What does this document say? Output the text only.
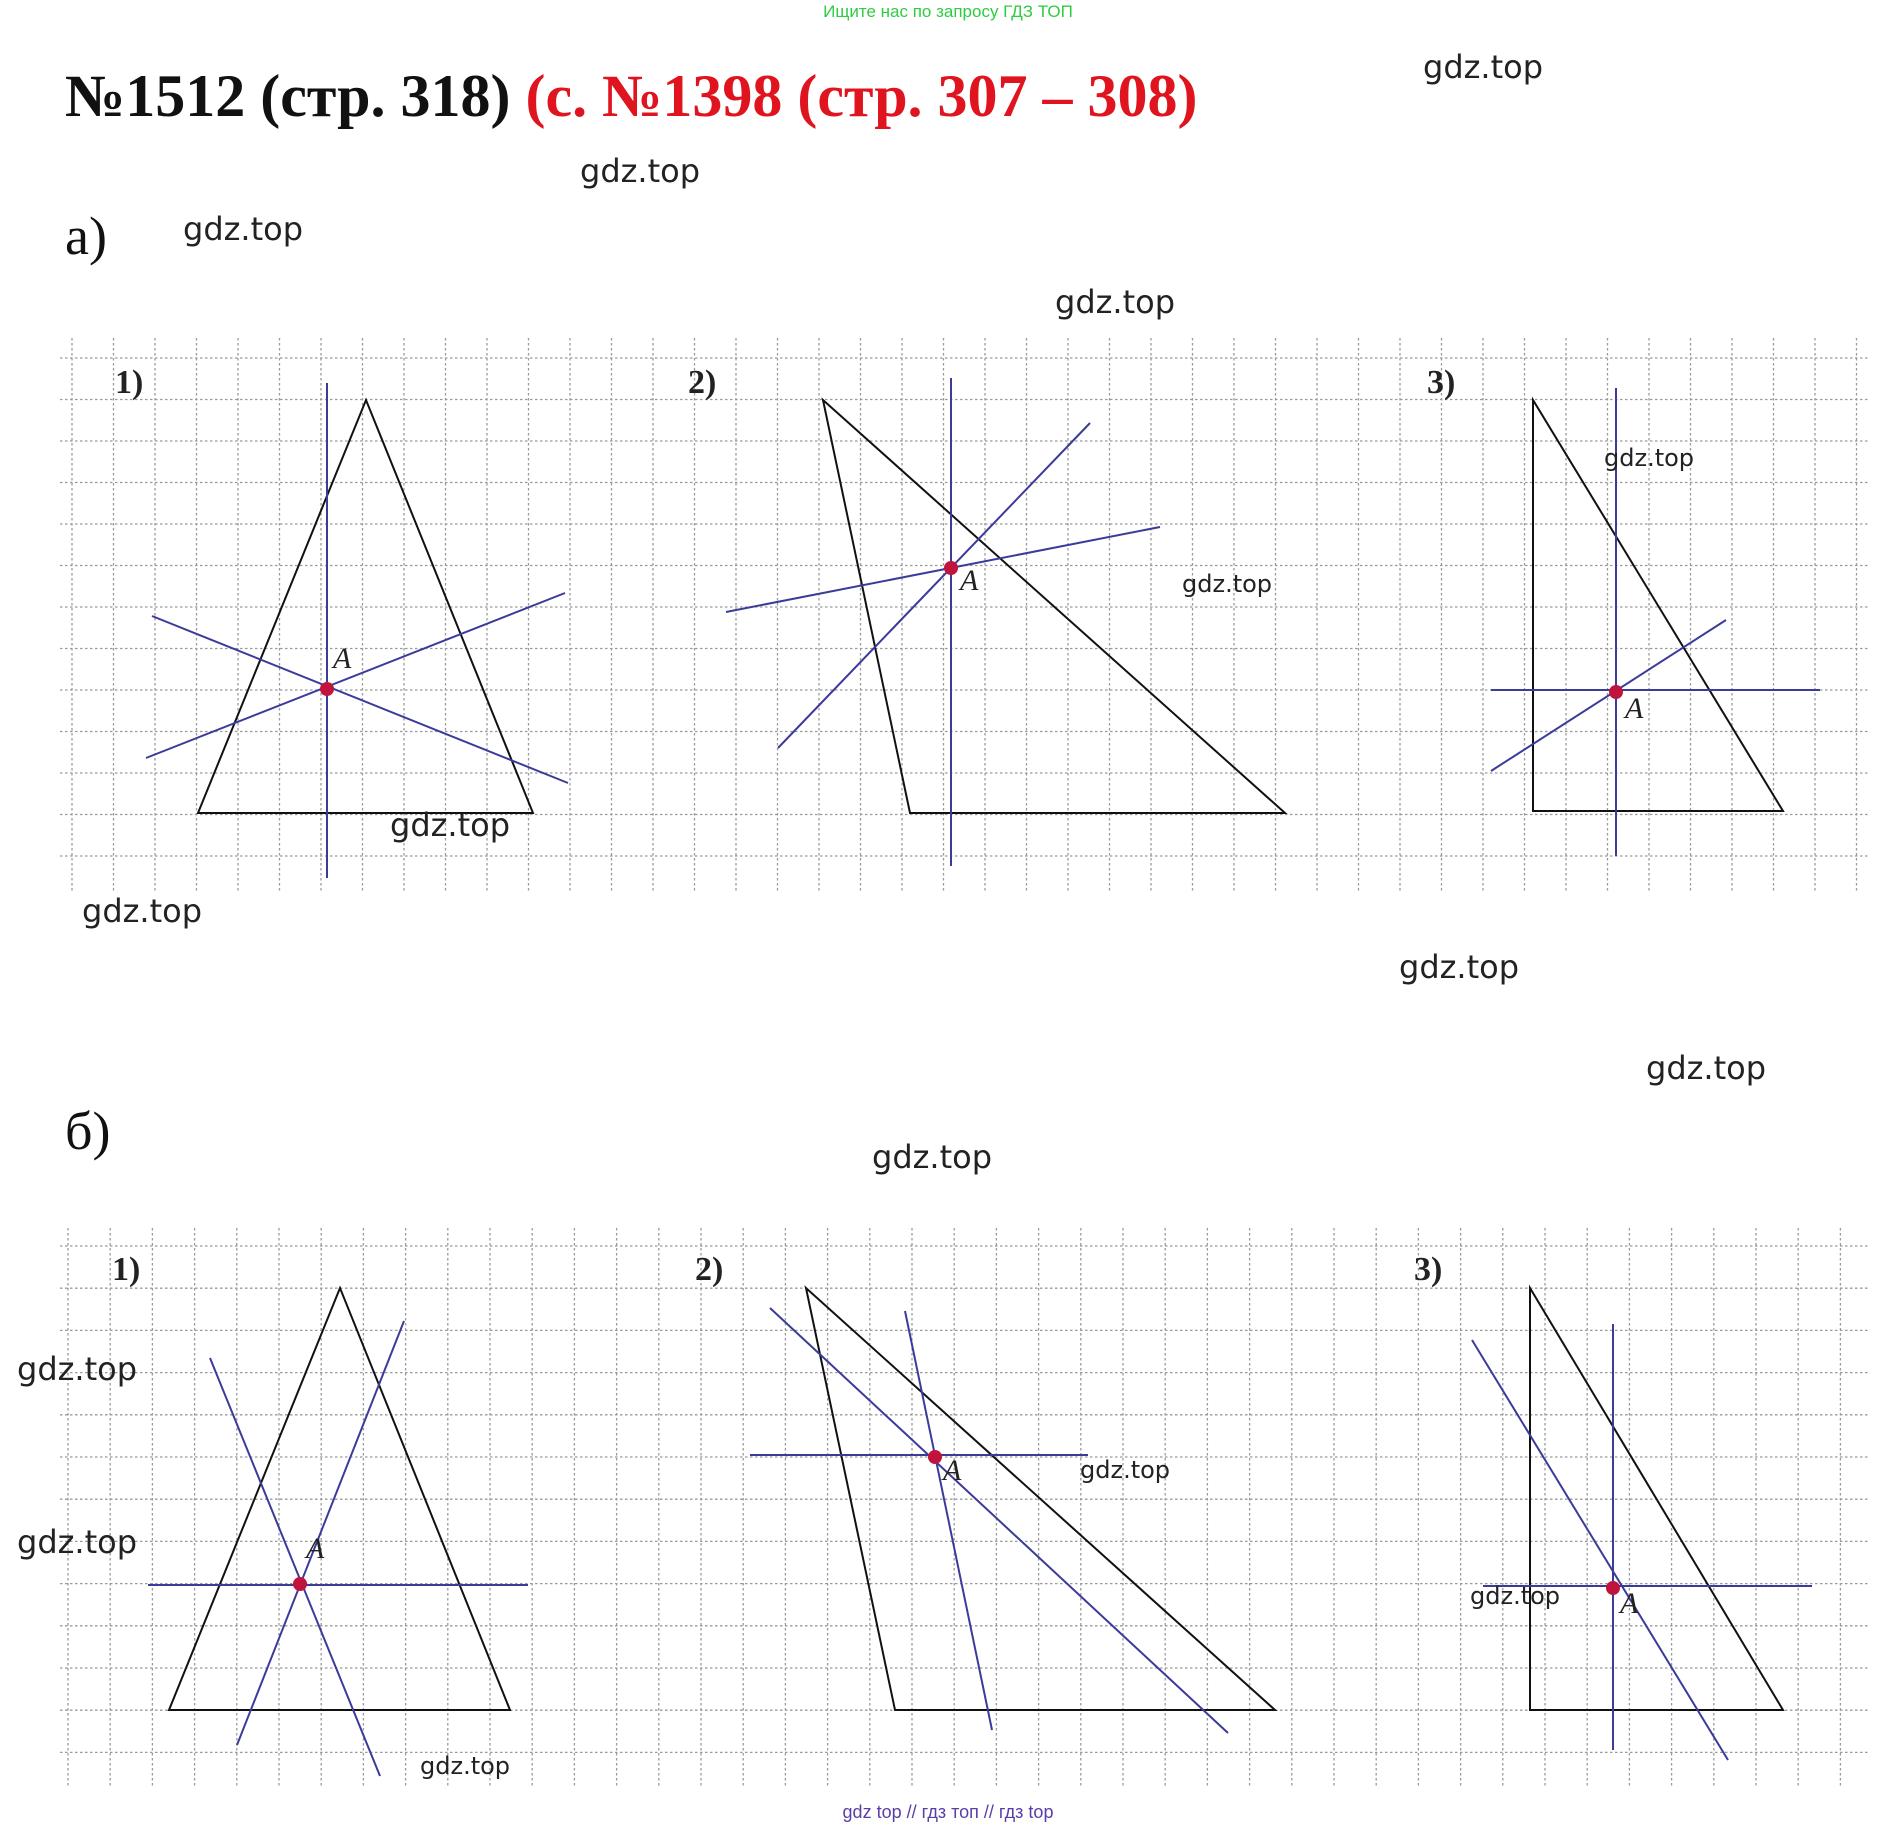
Ищите нас по запросу ГДЗ ТОП
№1512 (стр. 318) (с. №1398 (стр. 307 – 308)
а)
б)
1)
A
2)
A
3)
A
1)
A
2)
A
3)
A
gdz.top
gdz.top
gdz.top
gdz.top
gdz.top
gdz.top
gdz.top
gdz.top
gdz.top
gdz.top
gdz.top
gdz.top
gdz.top
gdz.top
gdz.top
gdz.top
gdz top // гдз топ // гдз top
